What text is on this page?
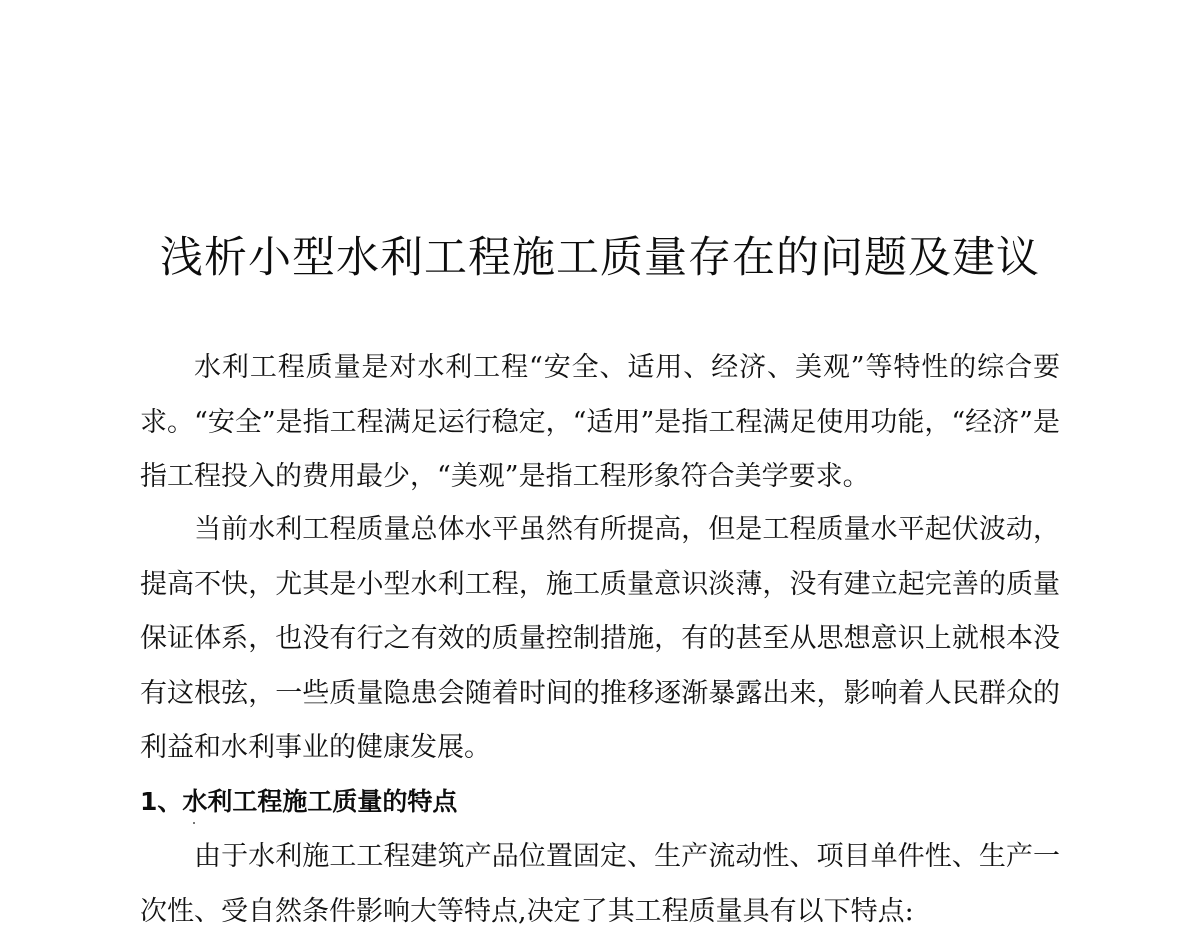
浅析小型水利工程施工质量存在的问题及建议

水利工程质量是对水利工程“安全、适用、经济、美观”等特性的综合要求。“安全”是指工程满足运行稳定，“适用”是指工程满足使用功能，“经济”是指工程投入的费用最少，“美观”是指工程形象符合美学要求。

当前水利工程质量总体水平虽然有所提高，但是工程质量水平起伏波动，提高不快，尤其是小型水利工程，施工质量意识淡薄，没有建立起完善的质量保证体系，也没有行之有效的质量控制措施，有的甚至从思想意识上就根本没有这根弦，一些质量隐患会随着时间的推移逐渐暴露出来，影响着人民群众的利益和水利事业的健康发展。

1、水利工程施工质量的特点

由于水利施工工程建筑产品位置固定、生产流动性、项目单件性、生产一次性、受自然条件影响大等特点,决定了其工程质量具有以下特点:
